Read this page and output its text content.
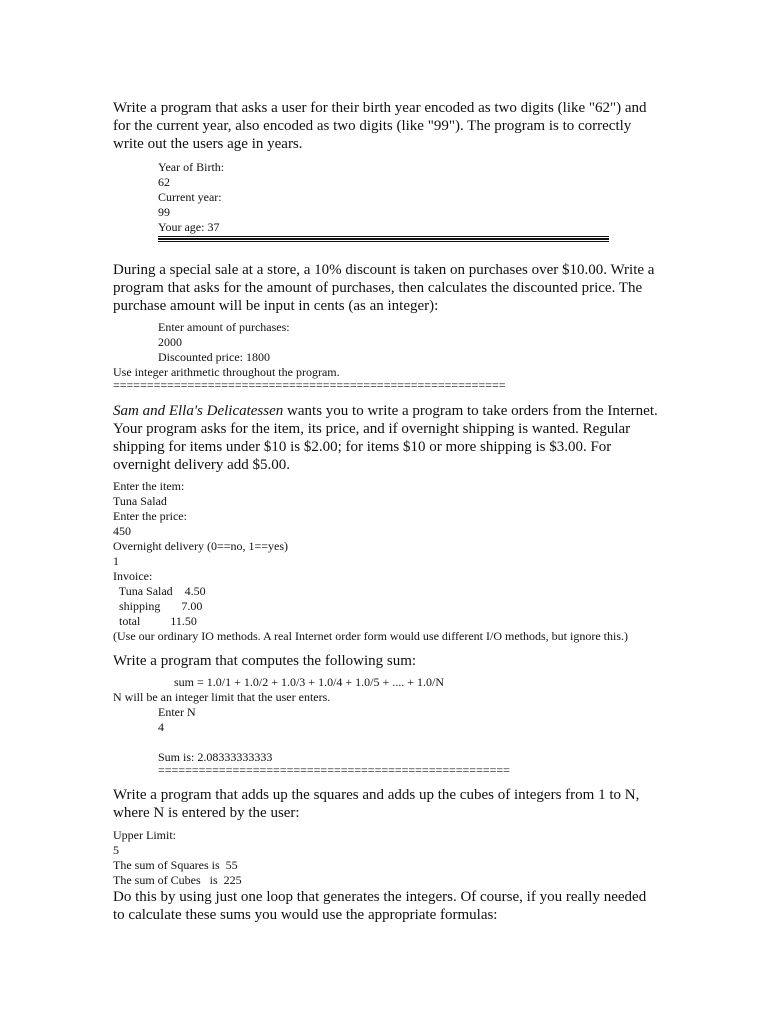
Write a program that asks a user for their birth year encoded as two digits (like "62") and for the current year, also encoded as two digits (like "99"). The program is to correctly write out the users age in years.

Year of Birth:
62
Current year:
99
Your age: 37

During a special sale at a store, a 10% discount is taken on purchases over $10.00. Write a program that asks for the amount of purchases, then calculates the discounted price. The purchase amount will be input in cents (as an integer):

Enter amount of purchases:
2000
Discounted price: 1800
Use integer arithmetic throughout the program.
==========================================================

Sam and Ella's Delicatessen wants you to write a program to take orders from the Internet. Your program asks for the item, its price, and if overnight shipping is wanted. Regular shipping for items under $10 is $2.00; for items $10 or more shipping is $3.00. For overnight delivery add $5.00.

Enter the item:
Tuna Salad
Enter the price:
450
Overnight delivery (0==no, 1==yes)
1
Invoice:
Tuna Salad    4.50
shipping       7.00
total          11.50
(Use our ordinary IO methods. A real Internet order form would use different I/O methods, but ignore this.)

Write a program that computes the following sum:

sum = 1.0/1 + 1.0/2 + 1.0/3 + 1.0/4 + 1.0/5 + .... + 1.0/N
N will be an integer limit that the user enters.
Enter N
4
Sum is: 2.08333333333
====================================================

Write a program that adds up the squares and adds up the cubes of integers from 1 to N, where N is entered by the user:

Upper Limit:
5
The sum of Squares is  55
The sum of Cubes   is  225

Do this by using just one loop that generates the integers. Of course, if you really needed to calculate these sums you would use the appropriate formulas:
